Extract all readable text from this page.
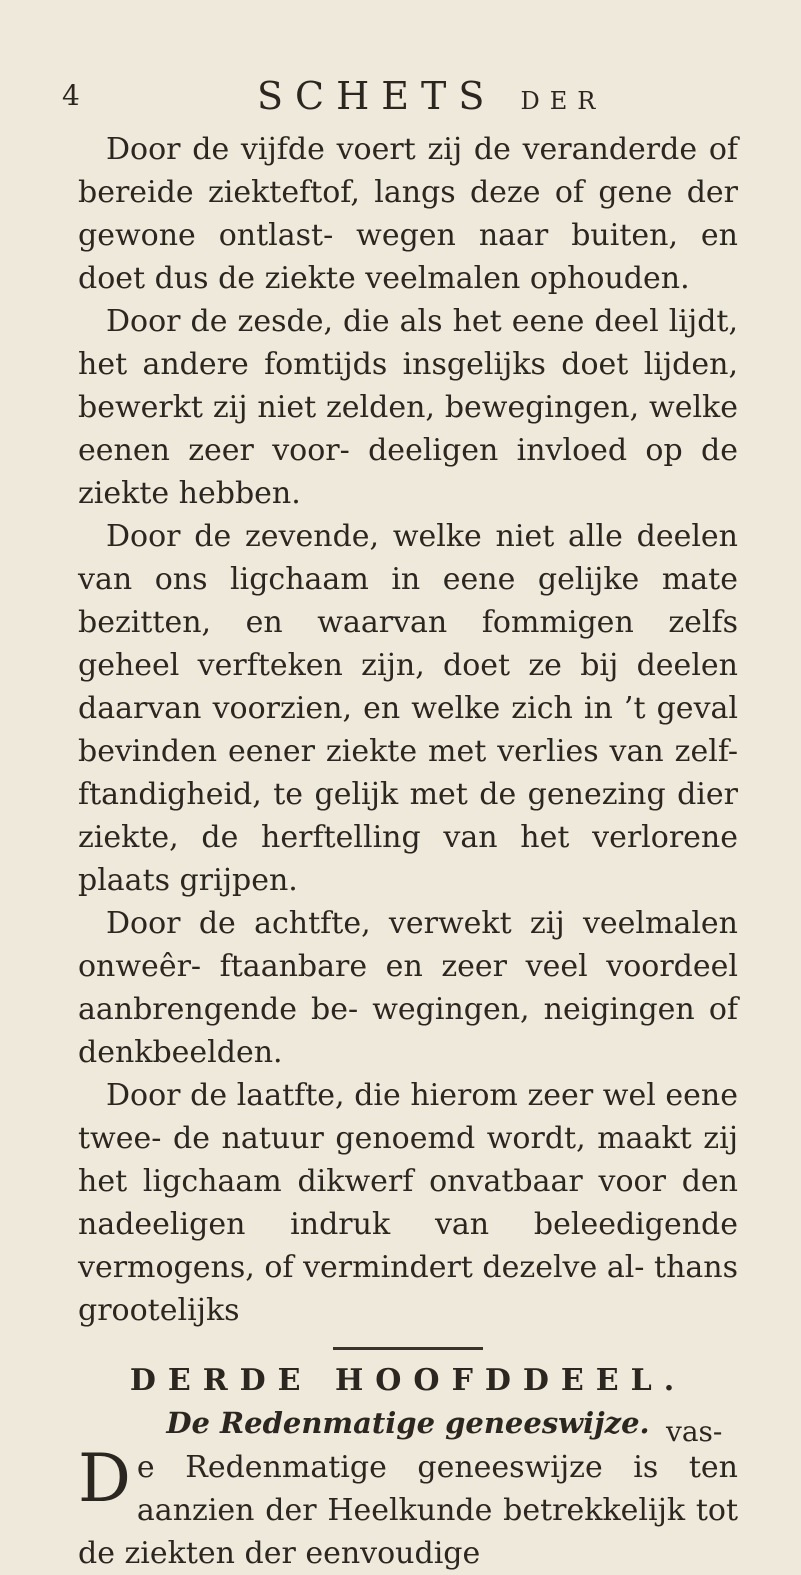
4	SCHETS DER

Door de vijfde voert zij de veranderde of bereide ziekteftof, langs deze of gene der gewone ontlast- wegen naar buiten, en doet dus de ziekte veelmalen ophouden.

Door de zesde, die als het eene deel lijdt, het andere fomtijds insgelijks doet lijden, bewerkt zij niet zelden, bewegingen, welke eenen zeer voor- deeligen invloed op de ziekte hebben.

Door de zevende, welke niet alle deelen van ons ligchaam in eene gelijke mate bezitten, en waarvan fommigen zelfs geheel verfteken zijn, doet ze bij deelen daarvan voorzien, en welke zich in ’t geval bevinden eener ziekte met verlies van zelf- ftandigheid, te gelijk met de genezing dier ziekte, de herftelling van het verlorene plaats grijpen.

Door de achtfte, verwekt zij veelmalen onweêr- ftaanbare en zeer veel voordeel aanbrengende be- wegingen, neigingen of denkbeelden.

Door de laatfte, die hierom zeer wel eene twee- de natuur genoemd wordt, maakt zij het ligchaam dikwerf onvatbaar voor den nadeeligen indruk van beleedigende vermogens, of vermindert dezelve al- thans grootelijks

DERDE HOOFDDEEL.
De Redenmatige geneeswijze.

D e Redenmatige geneeswijze is ten aanzien der Heelkunde betrekkelijk tot de ziekten der eenvoudige

vas-
